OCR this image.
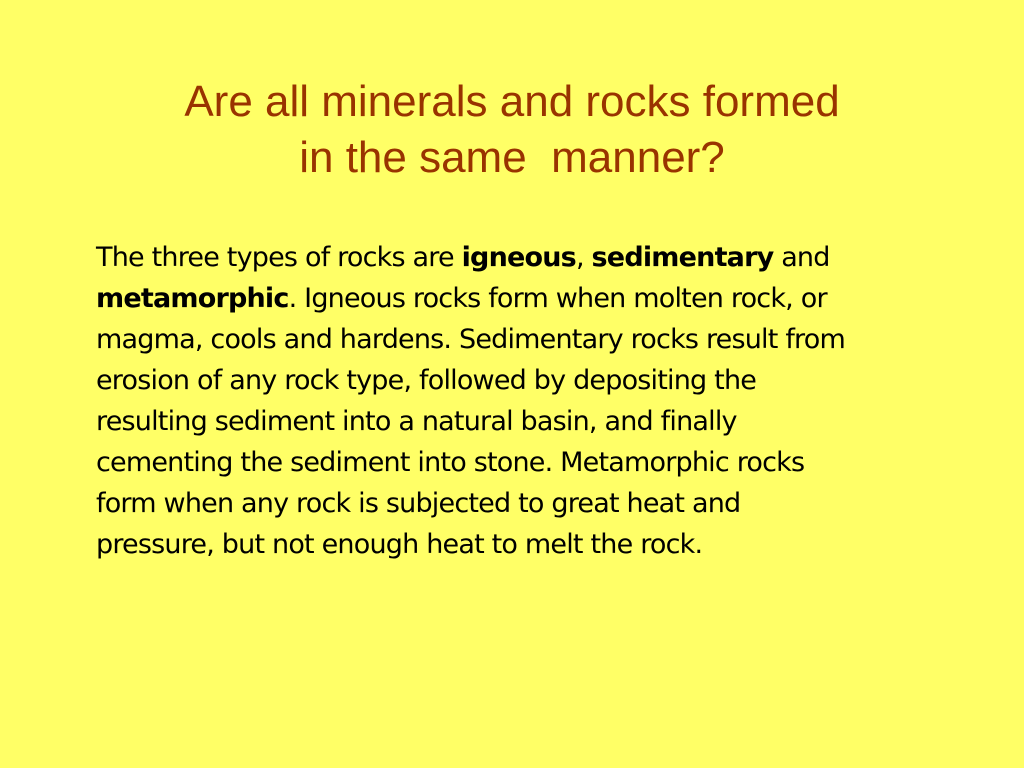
Are all minerals and rocks formed
in the same  manner?
The three types of rocks are igneous, sedimentary and
metamorphic. Igneous rocks form when molten rock, or
magma, cools and hardens. Sedimentary rocks result from
erosion of any rock type, followed by depositing the
resulting sediment into a natural basin, and finally
cementing the sediment into stone. Metamorphic rocks
form when any rock is subjected to great heat and
pressure, but not enough heat to melt the rock.
